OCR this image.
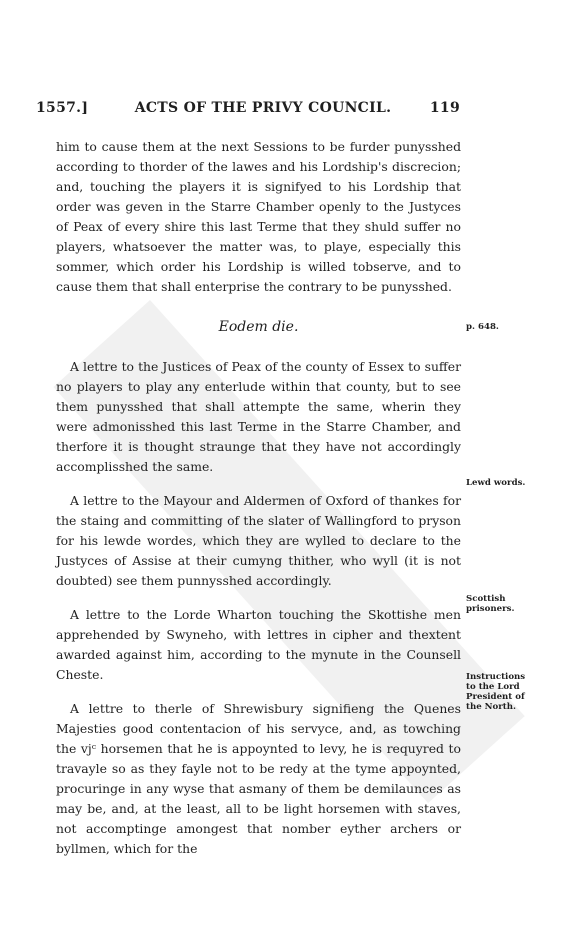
1557.]	ACTS OF THE PRIVY COUNCIL.	119

him to cause them at the next Sessions to be furder punysshed according to thorder of the lawes and his Lordship's discrecion; and, touching the players it is signifyed to his Lordship that order was geven in the Starre Chamber openly to the Justyces of Peax of every shire this last Terme that they shuld suffer no players, whatsoever the matter was, to playe, especially this sommer, which order his Lordship is willed tobserve, and to cause them that shall enterprise the contrary to be punysshed.

Eodem die.

A lettre to the Justices of Peax of the county of Essex to suffer no players to play any enterlude within that county, but to see them punysshed that shall attempte the same, wherin they were admonisshed this last Terme in the Starre Chamber, and therfore it is thought straunge that they have not accordingly accomplisshed the same.

A lettre to the Mayour and Aldermen of Oxford of thankes for the staing and committing of the slater of Wallingford to pryson for his lewde wordes, which they are wylled to declare to the Justyces of Assise at their cumyng thither, who wyll (it is not doubted) see them punnysshed accordingly.

A lettre to the Lorde Wharton touching the Skottishe men apprehended by Swyneho, with lettres in cipher and thextent awarded against him, according to the mynute in the Counsell Cheste.

A lettre to therle of Shrewisbury signifieng the Quenes Majesties good contentacion of his servyce, and, as towching the vjᶜ horsemen that he is appoynted to levy, he is requyred to travayle so as they fayle not to be redy at the tyme appoynted, procuringe in any wyse that asmany of them be demilaunces as may be, and, at the least, all to be light horsemen with staves, not accomptinge amongest that nomber eyther archers or byllmen, which for the

p. 648.
Lewd words.
Scottish prisoners.
Instructions to the Lord President of the North.
